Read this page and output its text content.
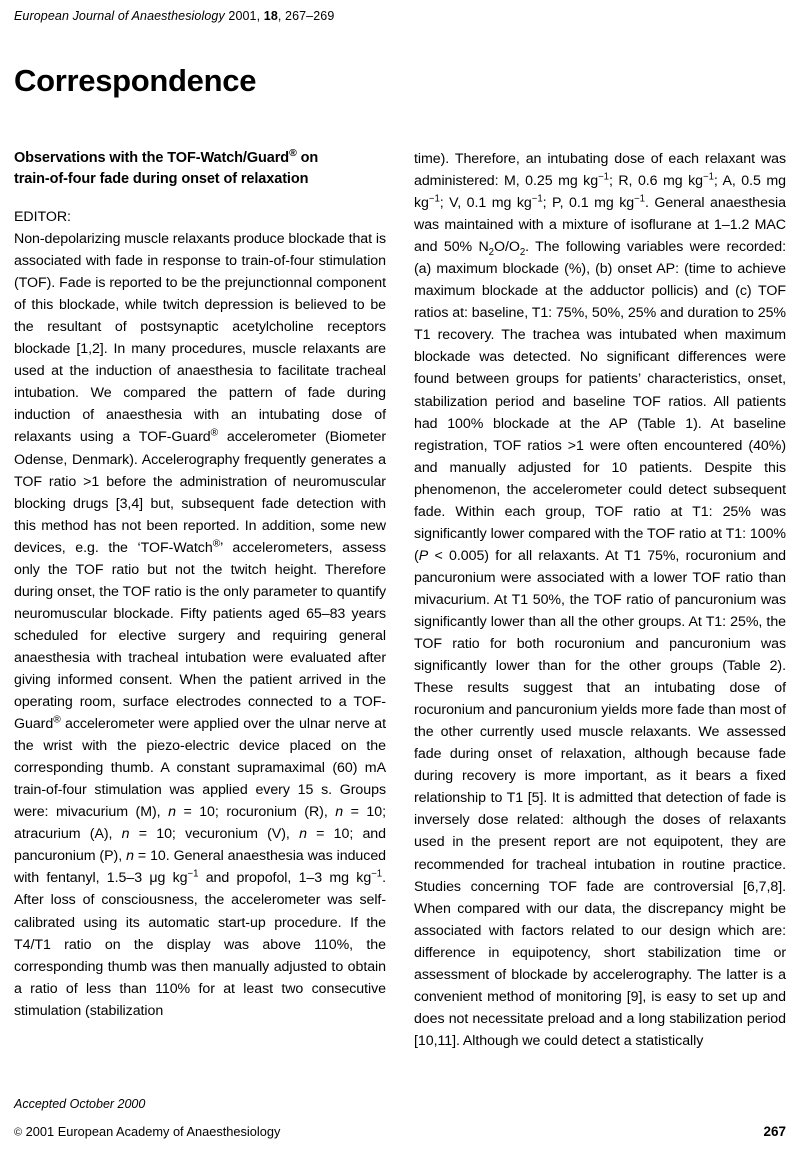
European Journal of Anaesthesiology 2001, 18, 267–269
Correspondence
Observations with the TOF-Watch/Guard® on
train-of-four fade during onset of relaxation

EDITOR:

Non-depolarizing muscle relaxants produce blockade that is associated with fade in response to train-of-four stimulation (TOF). Fade is reported to be the prejunctionnal component of this blockade, while twitch depression is believed to be the resultant of postsynaptic acetylcholine receptors blockade [1,2]. In many procedures, muscle relaxants are used at the induction of anaesthesia to facilitate tracheal intubation. We compared the pattern of fade during induction of anaesthesia with an intubating dose of relaxants using a TOF-Guard® accelerometer (Biometer Odense, Denmark). Accelerography frequently generates a TOF ratio >1 before the administration of neuromuscular blocking drugs [3,4] but, subsequent fade detection with this method has not been reported. In addition, some new devices, e.g. the ‘TOF-Watch®’ accelerometers, assess only the TOF ratio but not the twitch height. Therefore during onset, the TOF ratio is the only parameter to quantify neuromuscular blockade. Fifty patients aged 65–83 years scheduled for elective surgery and requiring general anaesthesia with tracheal intubation were evaluated after giving informed consent. When the patient arrived in the operating room, surface electrodes connected to a TOF-Guard® accelerometer were applied over the ulnar nerve at the wrist with the piezo-electric device placed on the corresponding thumb. A constant supramaximal (60) mA train-of-four stimulation was applied every 15 s. Groups were: mivacurium (M), n = 10; rocuronium (R), n = 10; atracurium (A), n = 10; vecuronium (V), n = 10; and pancuronium (P), n = 10. General anaesthesia was induced with fentanyl, 1.5–3 μg $kg^{-1}$ and propofol, 1–3 mg $kg^{-1}$. After loss of consciousness, the accelerometer was self-calibrated using its automatic start-up procedure. If the T4/T1 ratio on the display was above 110%, the corresponding thumb was then manually adjusted to obtain a ratio of less than 110% for at least two consecutive stimulation (stabilization

time). Therefore, an intubating dose of each relaxant was administered: M, 0.25 mg $kg^{-1}$; R, 0.6 mg $kg^{-1}$; A, 0.5 mg $kg^{-1}$; V, 0.1 mg $kg^{-1}$; P, 0.1 mg $kg^{-1}$. General anaesthesia was maintained with a mixture of isoflurane at 1–1.2 MAC and 50% $N_2O/O_2$. The following variables were recorded: (a) maximum blockade (%), (b) onset AP: (time to achieve maximum blockade at the adductor pollicis) and (c) TOF ratios at: baseline, T1: 75%, 50%, 25% and duration to 25% T1 recovery. The trachea was intubated when maximum blockade was detected. No significant differences were found between groups for patients’ characteristics, onset, stabilization period and baseline TOF ratios. All patients had 100% blockade at the AP (Table 1). At baseline registration, TOF ratios >1 were often encountered (40%) and manually adjusted for 10 patients. Despite this phenomenon, the accelerometer could detect subsequent fade. Within each group, TOF ratio at T1: 25% was significantly lower compared with the TOF ratio at T1: 100% (P < 0.005) for all relaxants. At T1 75%, rocuronium and pancuronium were associated with a lower TOF ratio than mivacurium. At T1 50%, the TOF ratio of pancuronium was significantly lower than all the other groups. At T1: 25%, the TOF ratio for both rocuronium and pancuronium was significantly lower than for the other groups (Table 2). These results suggest that an intubating dose of rocuronium and pancuronium yields more fade than most of the other currently used muscle relaxants. We assessed fade during onset of relaxation, although because fade during recovery is more important, as it bears a fixed relationship to T1 [5]. It is admitted that detection of fade is inversely dose related: although the doses of relaxants used in the present report are not equipotent, they are recommended for tracheal intubation in routine practice. Studies concerning TOF fade are controversial [6,7,8]. When compared with our data, the discrepancy might be associated with factors related to our design which are: difference in equipotency, short stabilization time or assessment of blockade by accelerography. The latter is a convenient method of monitoring [9], is easy to set up and does not necessitate preload and a long stabilization period [10,11]. Although we could detect a statistically

Accepted October 2000
© 2001 European Academy of Anaesthesiology	267
